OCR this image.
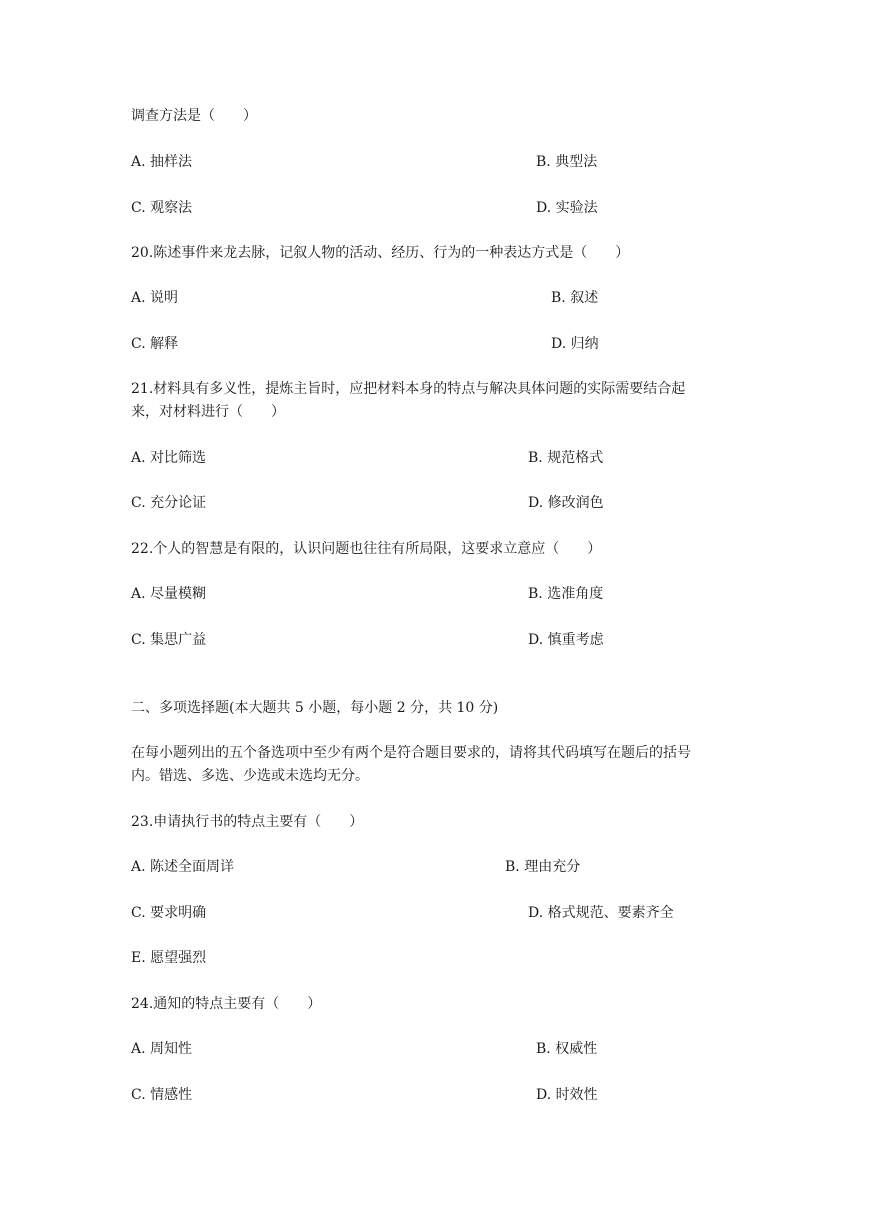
调查方法是（　　）
A. 抽样法	B. 典型法
C. 观察法	D. 实验法
20.陈述事件来龙去脉，记叙人物的活动、经历、行为的一种表达方式是（　　）
A. 说明	B. 叙述
C. 解释	D. 归纳
21.材料具有多义性，提炼主旨时，应把材料本身的特点与解决具体问题的实际需要结合起
来，对材料进行（　　）
A. 对比筛选	B. 规范格式
C. 充分论证	D. 修改润色
22.个人的智慧是有限的，认识问题也往往有所局限，这要求立意应（　　）
A. 尽量模糊	B. 选准角度
C. 集思广益	D. 慎重考虑
二、多项选择题(本大题共 5 小题，每小题 2 分，共 10 分)
在每小题列出的五个备选项中至少有两个是符合题目要求的，请将其代码填写在题后的括号
内。错选、多选、少选或未选均无分。
23.申请执行书的特点主要有（　　）
A. 陈述全面周详	B. 理由充分
C. 要求明确	D. 格式规范、要素齐全
E. 愿望强烈
24.通知的特点主要有（　　）
A. 周知性	B. 权威性
C. 情感性	D. 时效性
